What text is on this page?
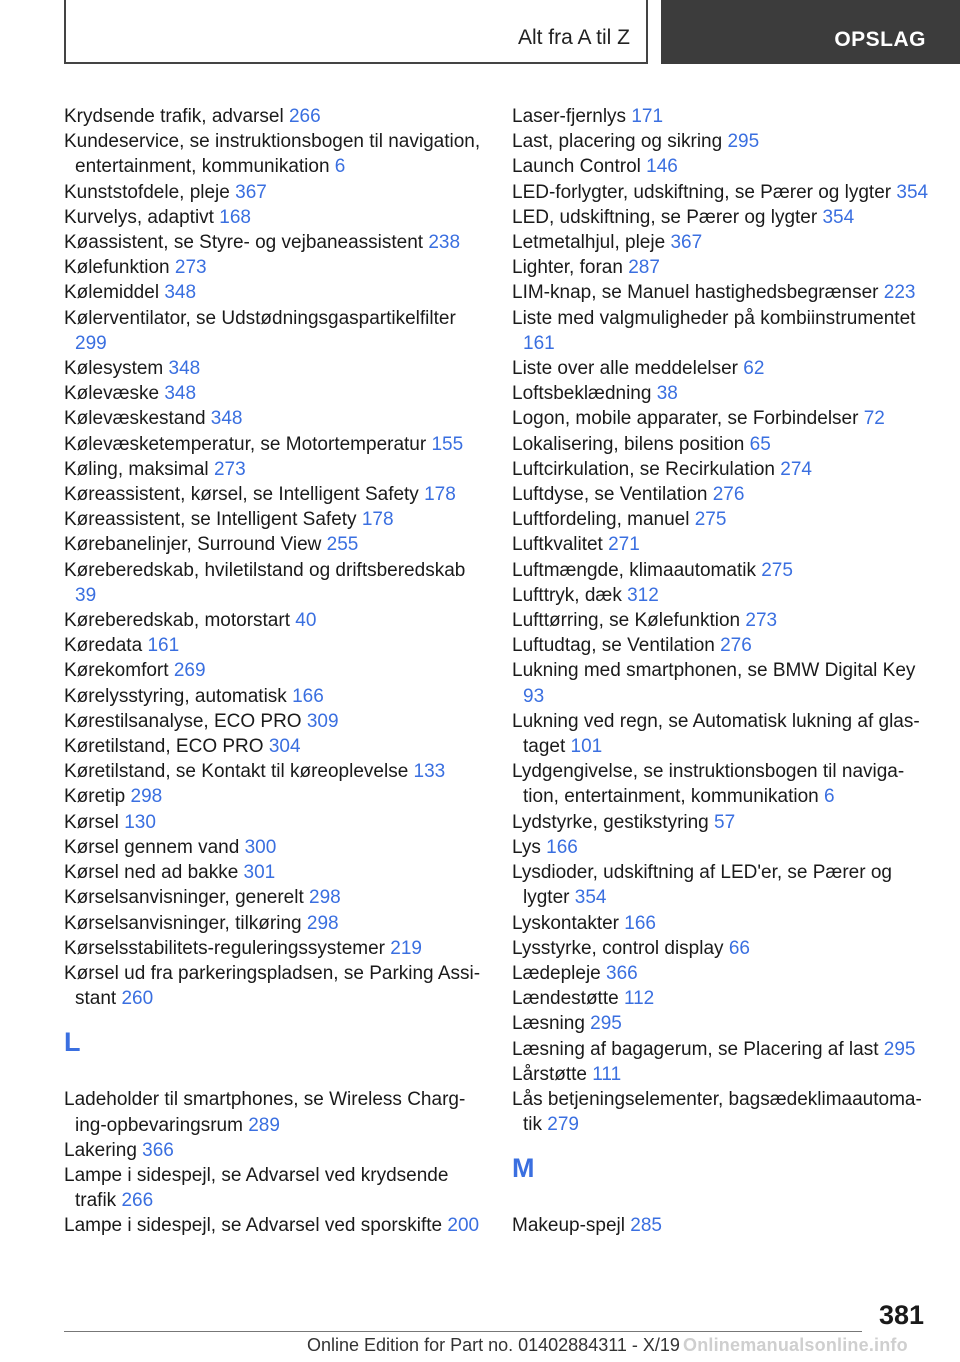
Alt fra A til Z	OPSLAG
Krydsende trafik, advarsel 266
Kundeservice, se instruktionsbogen til navigation, entertainment, kommunikation 6
Kunststofdele, pleje 367
Kurvelys, adaptivt 168
Køassistent, se Styre- og vejbaneassistent 238
Kølefunktion 273
Kølemiddel 348
Kølerventilator, se Udstødningsgaspartikelfilter 299
Kølesystem 348
Kølevæske 348
Kølevæskestand 348
Kølevæsketemperatur, se Motortemperatur 155
Køling, maksimal 273
Køreassistent, kørsel, se Intelligent Safety 178
Køreassistent, se Intelligent Safety 178
Kørebanelinjer, Surround View 255
Køreberedskab, hviletilstand og driftsberedskab 39
Køreberedskab, motorstart 40
Køredata 161
Kørekomfort 269
Kørelysstyring, automatisk 166
Kørestilsanalyse, ECO PRO 309
Køretilstand, ECO PRO 304
Køretilstand, se Kontakt til køreoplevelse 133
Køretip 298
Kørsel 130
Kørsel gennem vand 300
Kørsel ned ad bakke 301
Kørselsanvisninger, generelt 298
Kørselsanvisninger, tilkøring 298
Kørselsstabilitets-reguleringssystemer 219
Kørsel ud fra parkeringspladsen, se Parking Assistant 260
L
Ladeholder til smartphones, se Wireless Charging-opbevaringsrum 289
Lakering 366
Lampe i sidespejl, se Advarsel ved krydsende trafik 266
Lampe i sidespejl, se Advarsel ved sporskifte 200
Laser-fjernlys 171
Last, placering og sikring 295
Launch Control 146
LED-forlygter, udskiftning, se Pærer og lygter 354
LED, udskiftning, se Pærer og lygter 354
Letmetalhjul, pleje 367
Lighter, foran 287
LIM-knap, se Manuel hastighedsbegrænser 223
Liste med valgmuligheder på kombiinstrumentet 161
Liste over alle meddelelser 62
Loftsbeklædning 38
Logon, mobile apparater, se Forbindelser 72
Lokalisering, bilens position 65
Luftcirkulation, se Recirkulation 274
Luftdyse, se Ventilation 276
Luftfordeling, manuel 275
Luftkvalitet 271
Luftmængde, klimaautomatik 275
Lufttryk, dæk 312
Lufttørring, se Kølefunktion 273
Luftudtag, se Ventilation 276
Lukning med smartphonen, se BMW Digital Key 93
Lukning ved regn, se Automatisk lukning af glastaget 101
Lydgengivelse, se instruktionsbogen til navigation, entertainment, kommunikation 6
Lydstyrke, gestikstyring 57
Lys 166
Lysdioder, udskiftning af LED'er, se Pærer og lygter 354
Lyskontakter 166
Lysstyrke, control display 66
Lædepleje 366
Lændestøtte 112
Læsning 295
Læsning af bagagerum, se Placering af last 295
Lårstøtte 111
Lås betjeningselementer, bagsædeklimaautomatik 279
M
Makeup-spejl 285
381
Online Edition for Part no. 01402884311 - X/19 Onlinemanualsonline.info
